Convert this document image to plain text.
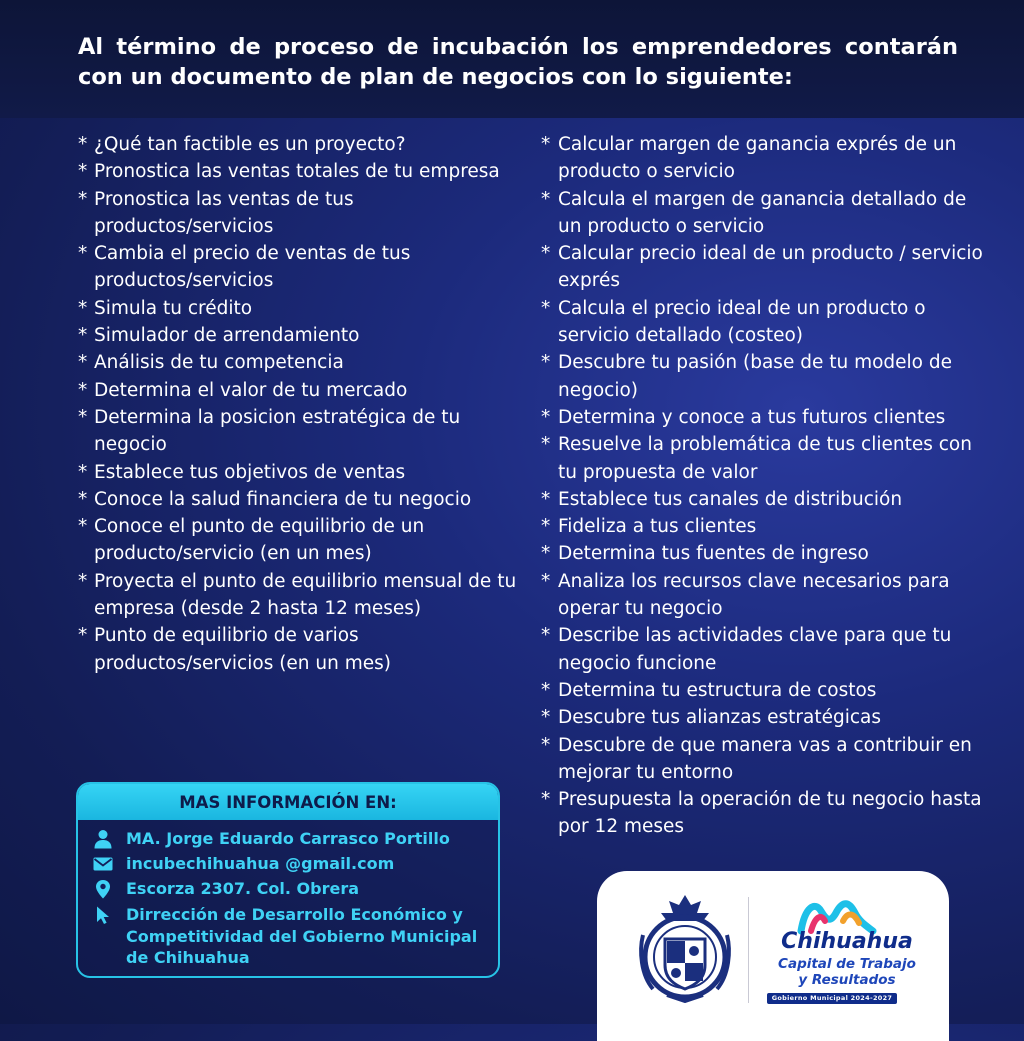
Al término de proceso de incubación los emprendedores contarán con un documento de plan de negocios con lo siguiente:
* ¿Qué tan factible es un proyecto?
* Pronostica las ventas totales de tu empresa
* Pronostica las ventas de tus productos/servicios
* Cambia el precio de ventas de tus productos/servicios
* Simula tu crédito
* Simulador de arrendamiento
* Análisis de tu competencia
* Determina el valor de tu mercado
* Determina la posicion estratégica de tu negocio
* Establece tus objetivos de ventas
* Conoce la salud financiera de tu negocio
* Conoce el punto de equilibrio de un producto/servicio (en un mes)
* Proyecta el punto de equilibrio mensual de tu empresa (desde 2 hasta 12 meses)
* Punto de equilibrio de varios productos/servicios (en un mes)
* Calcular margen de ganancia exprés de un producto o servicio
* Calcula el margen de ganancia detallado de un producto o servicio
* Calcular precio ideal de un producto / servicio exprés
* Calcula el precio ideal de un producto o servicio detallado (costeo)
* Descubre tu pasión (base de tu modelo de negocio)
* Determina y conoce a tus futuros clientes
* Resuelve la problemática de tus clientes con tu propuesta de valor
* Establece tus canales de distribución
* Fideliza a tus clientes
* Determina tus fuentes de ingreso
* Analiza los recursos clave necesarios para operar tu negocio
* Describe las actividades clave para que tu negocio funcione
* Determina tu estructura de costos
* Descubre tus alianzas estratégicas
* Descubre de que manera vas a contribuir en mejorar tu entorno
* Presupuesta la operación de tu negocio hasta por 12 meses
MAS INFORMACIÓN EN:
MA. Jorge Eduardo Carrasco Portillo
incubechihuahua @gmail.com
Escorza 2307. Col. Obrera
Dirrección de Desarrollo Económico y Competitividad del Gobierno Municipal de Chihuahua
Chihuahua
Capital de Trabajo
y Resultados
Gobierno Municipal 2024-2027
